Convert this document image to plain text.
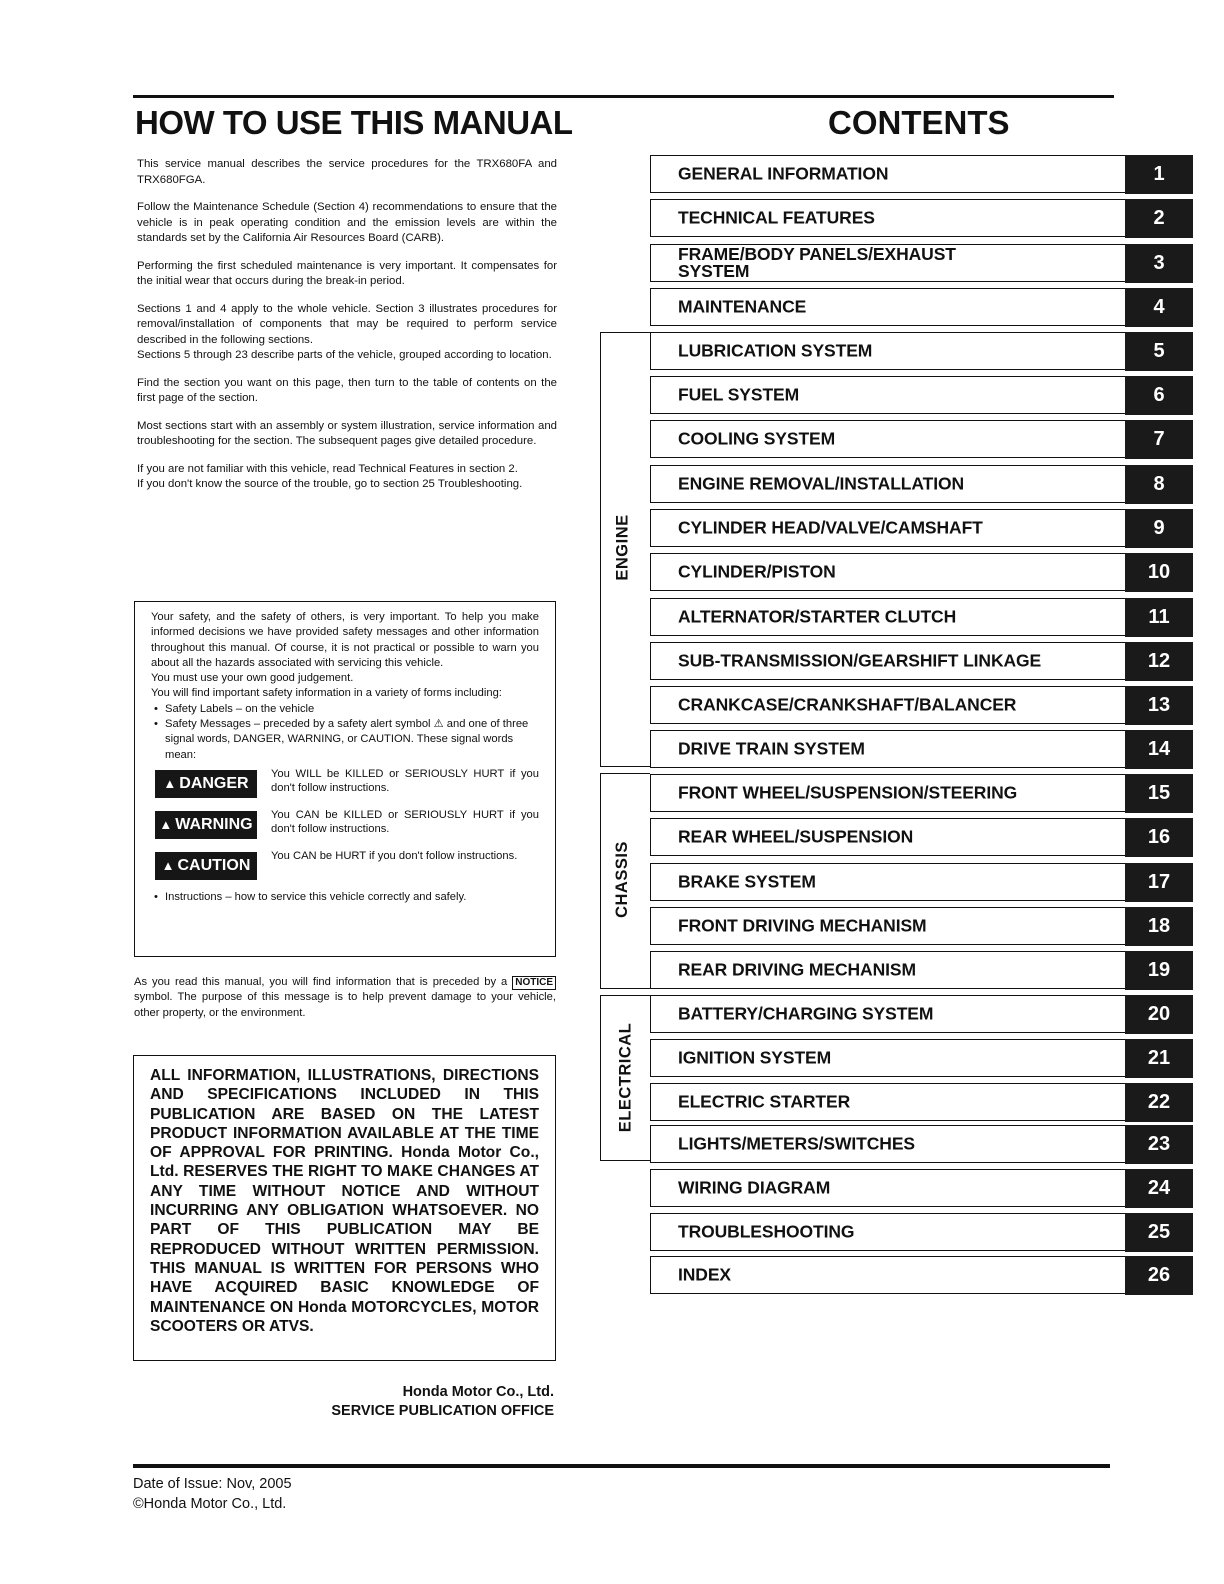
HOW TO USE THIS MANUAL	CONTENTS

This service manual describes the service procedures for the TRX680FA and TRX680FGA.

Follow the Maintenance Schedule (Section 4) recommendations to ensure that the vehicle is in peak operating condition and the emission levels are within the standards set by the California Air Resources Board (CARB).

Performing the first scheduled maintenance is very important. It compensates for the initial wear that occurs during the break-in period.

Sections 1 and 4 apply to the whole vehicle. Section 3 illustrates procedures for removal/installation of components that may be required to perform service described in the following sections.

Sections 5 through 23 describe parts of the vehicle, grouped according to location.

Find the section you want on this page, then turn to the table of contents on the first page of the section.

Most sections start with an assembly or system illustration, service information and troubleshooting for the section. The subsequent pages give detailed procedure.

If you are not familiar with this vehicle, read Technical Features in section 2.

If you don't know the source of the trouble, go to section 25 Troubleshooting.

Your safety, and the safety of others, is very important. To help you make informed decisions we have provided safety messages and other information throughout this manual. Of course, it is not practical or possible to warn you about all the hazards associated with servicing this vehicle.

You must use your own good judgement.

You will find important safety information in a variety of forms including:

• Safety Labels – on the vehicle
• Safety Messages – preceded by a safety alert symbol ⚠ and one of three signal words, DANGER, WARNING, or CAUTION. These signal words mean:
▲ DANGER
You WILL be KILLED or SERIOUSLY HURT if you don't follow instructions.
▲ WARNING
You CAN be KILLED or SERIOUSLY HURT if you don't follow instructions.
▲ CAUTION
You CAN be HURT if you don't follow instructions.
• Instructions – how to service this vehicle correctly and safely.

As you read this manual, you will find information that is preceded by a NOTICE symbol. The purpose of this message is to help prevent damage to your vehicle, other property, or the environment.

ALL INFORMATION, ILLUSTRATIONS, DIRECTIONS AND SPECIFICATIONS INCLUDED IN THIS PUBLICATION ARE BASED ON THE LATEST PRODUCT INFORMATION AVAILABLE AT THE TIME OF APPROVAL FOR PRINTING. Honda Motor Co., Ltd. RESERVES THE RIGHT TO MAKE CHANGES AT ANY TIME WITHOUT NOTICE AND WITHOUT INCURRING ANY OBLIGATION WHATSOEVER. NO PART OF THIS PUBLICATION MAY BE REPRODUCED WITHOUT WRITTEN PERMISSION. THIS MANUAL IS WRITTEN FOR PERSONS WHO HAVE ACQUIRED BASIC KNOWLEDGE OF MAINTENANCE ON Honda MOTORCYCLES, MOTOR SCOOTERS OR ATVS.
Honda Motor Co., Ltd.
SERVICE PUBLICATION OFFICE
Date of Issue: Nov, 2005
©Honda Motor Co., Ltd.
ENGINE
CHASSIS
ELECTRICAL
GENERAL INFORMATION	1
TECHNICAL FEATURES	2
FRAME/BODY PANELS/EXHAUST
SYSTEM	3
MAINTENANCE	4
LUBRICATION SYSTEM	5
FUEL SYSTEM	6
COOLING SYSTEM	7
ENGINE REMOVAL/INSTALLATION	8
CYLINDER HEAD/VALVE/CAMSHAFT	9
CYLINDER/PISTON	10
ALTERNATOR/STARTER CLUTCH	11
SUB-TRANSMISSION/GEARSHIFT LINKAGE	12
CRANKCASE/CRANKSHAFT/BALANCER	13
DRIVE TRAIN SYSTEM	14
FRONT WHEEL/SUSPENSION/STEERING	15
REAR WHEEL/SUSPENSION	16
BRAKE SYSTEM	17
FRONT DRIVING MECHANISM	18
REAR DRIVING MECHANISM	19
BATTERY/CHARGING SYSTEM	20
IGNITION SYSTEM	21
ELECTRIC STARTER	22
LIGHTS/METERS/SWITCHES	23
WIRING DIAGRAM	24
TROUBLESHOOTING	25
INDEX	26
